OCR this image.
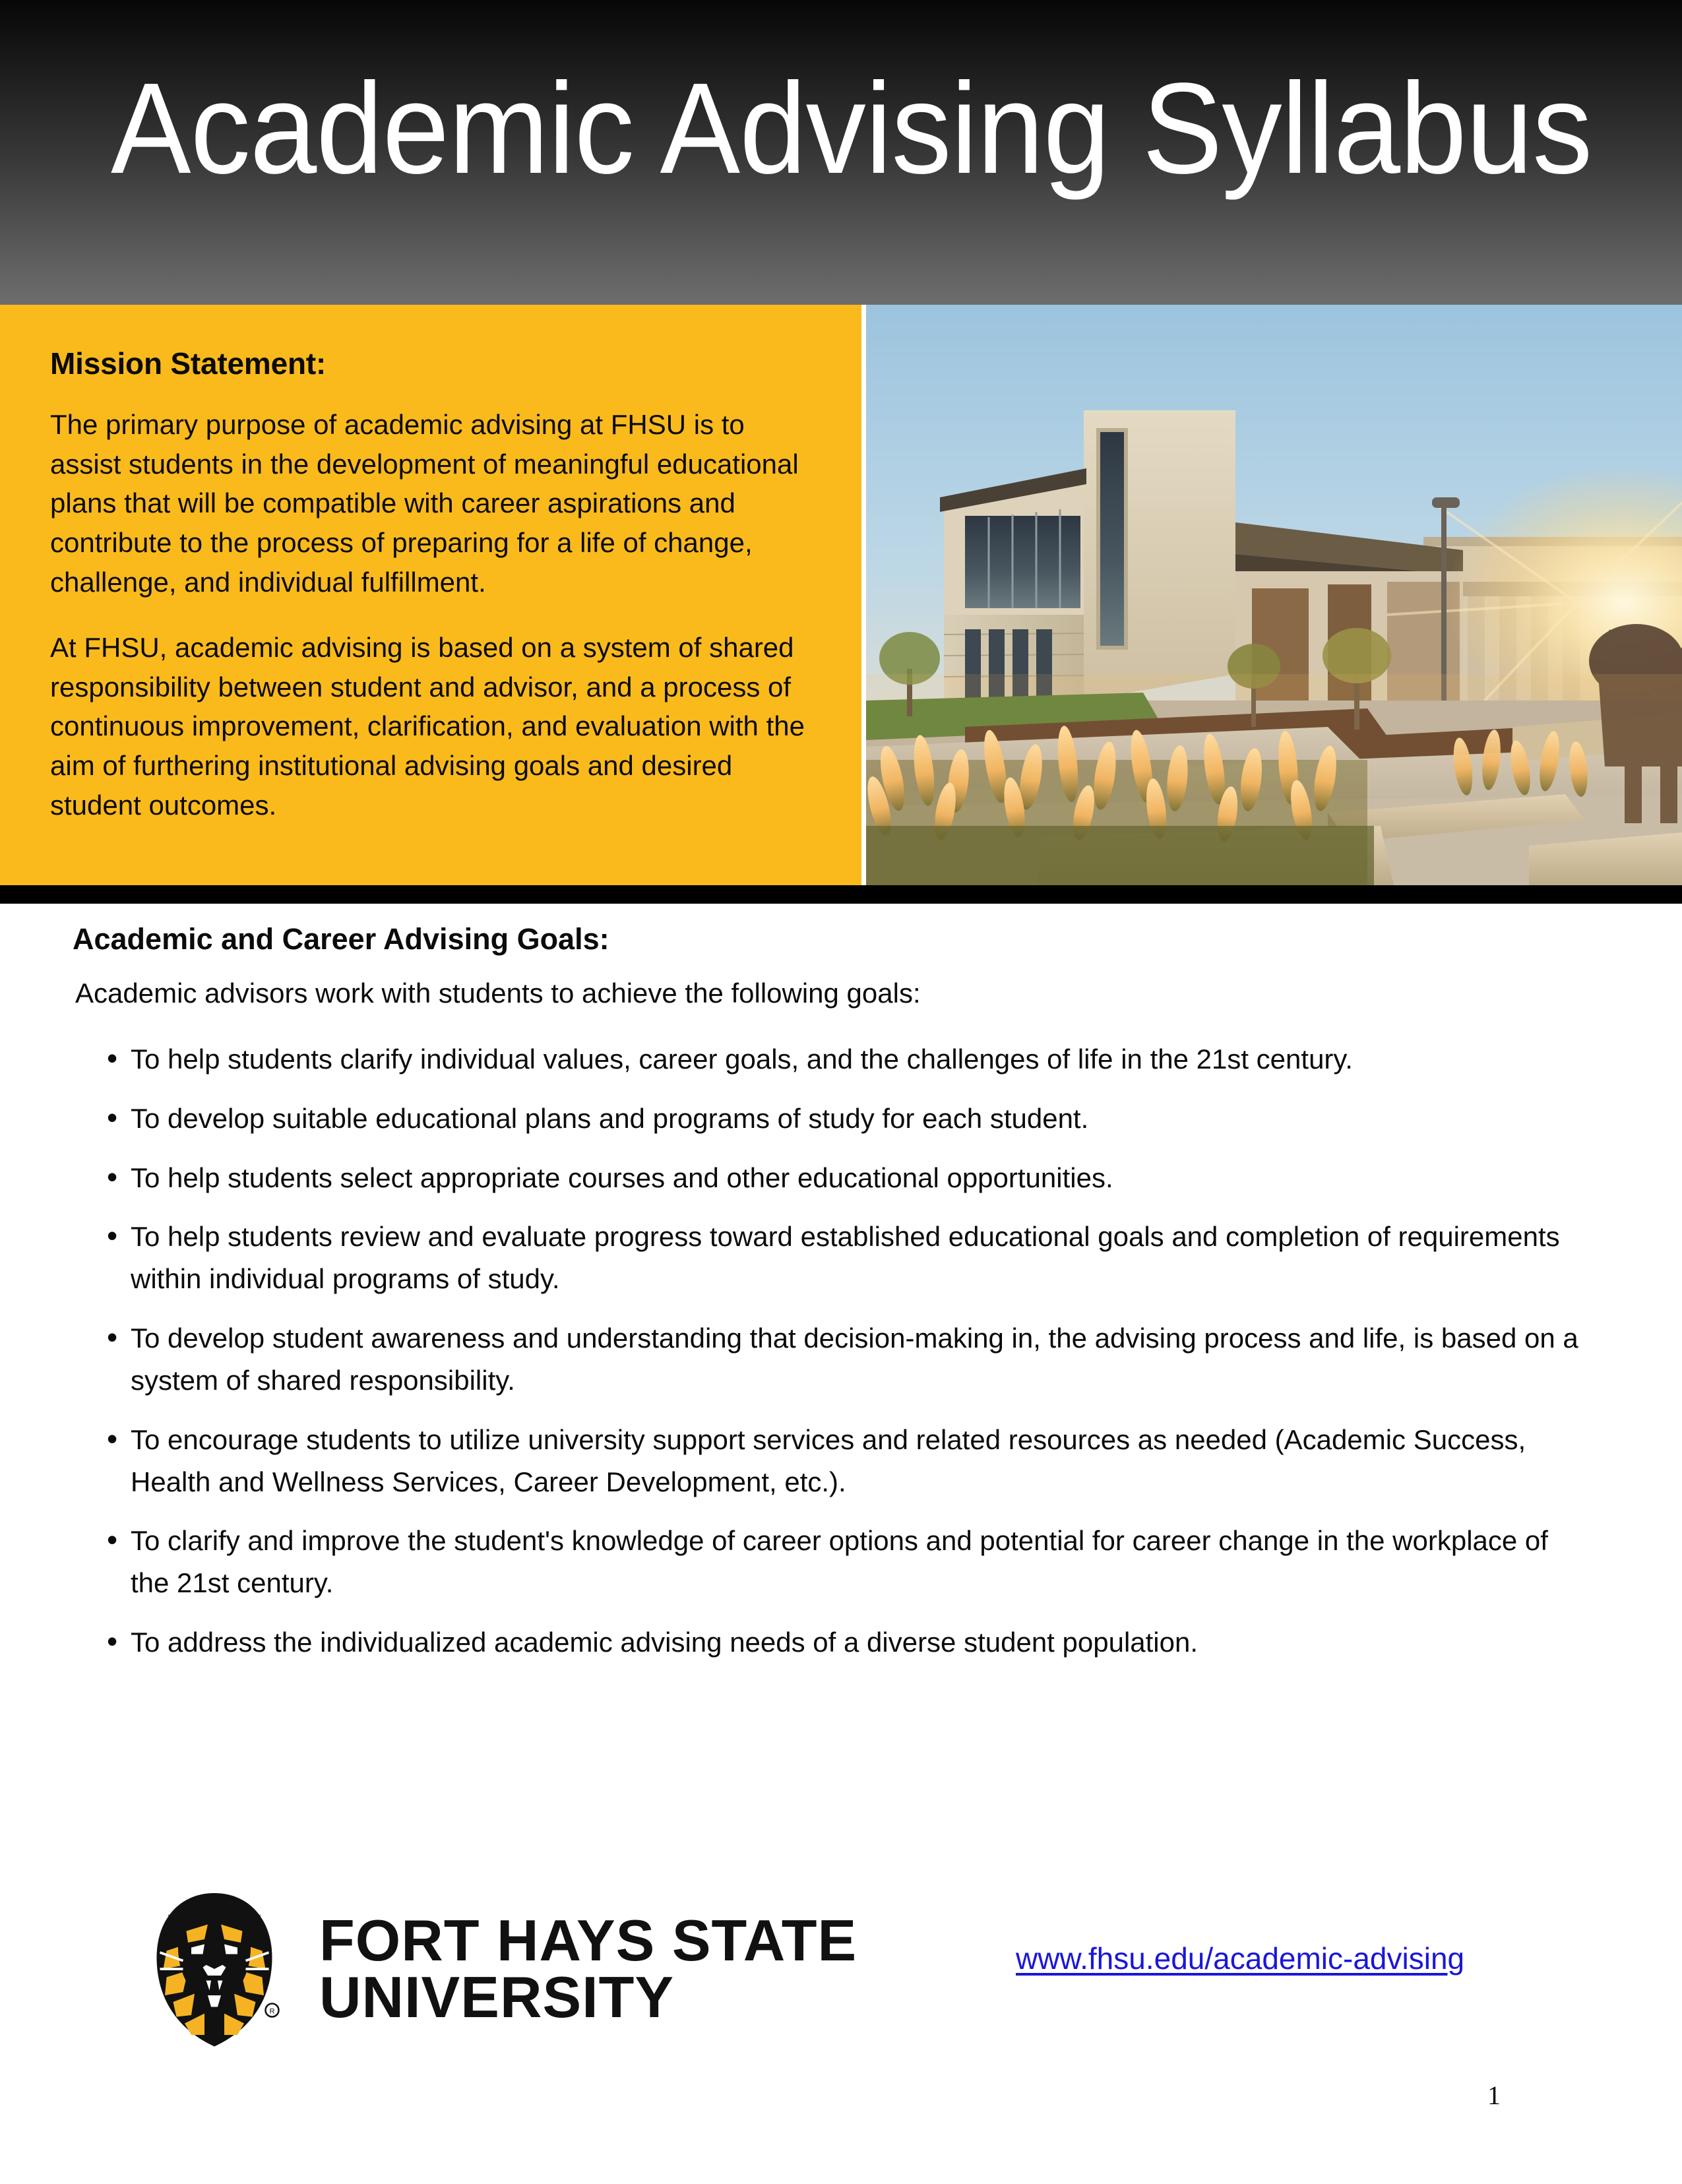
Academic Advising Syllabus
Mission Statement:

The primary purpose of academic advising at FHSU is to assist students in the development of meaningful educational plans that will be compatible with career aspirations and contribute to the process of preparing for a life of change, challenge, and individual fulfillment.

At FHSU, academic advising is based on a system of shared responsibility between student and advisor, and a process of continuous improvement, clarification, and evaluation with the aim of furthering institutional advising goals and desired student outcomes.

Academic and Career Advising Goals:

Academic advisors work with students to achieve the following goals:

• To help students clarify individual values, career goals, and the challenges of life in the 21st century.
• To develop suitable educational plans and programs of study for each student.
• To help students select appropriate courses and other educational opportunities.
• To help students review and evaluate progress toward established educational goals and completion of requirements within individual programs of study.
• To develop student awareness and understanding that decision-making in, the advising process and life, is based on a system of shared responsibility.
• To encourage students to utilize university support services and related resources as needed (Academic Success, Health and Wellness Services, Career Development, etc.).
• To clarify and improve the student's knowledge of career options and potential for career change in the workplace of the 21st century.
• To address the individualized academic advising needs of a diverse student population.
R
FORT HAYS STATE
UNIVERSITY
www.fhsu.edu/academic-advising
1
